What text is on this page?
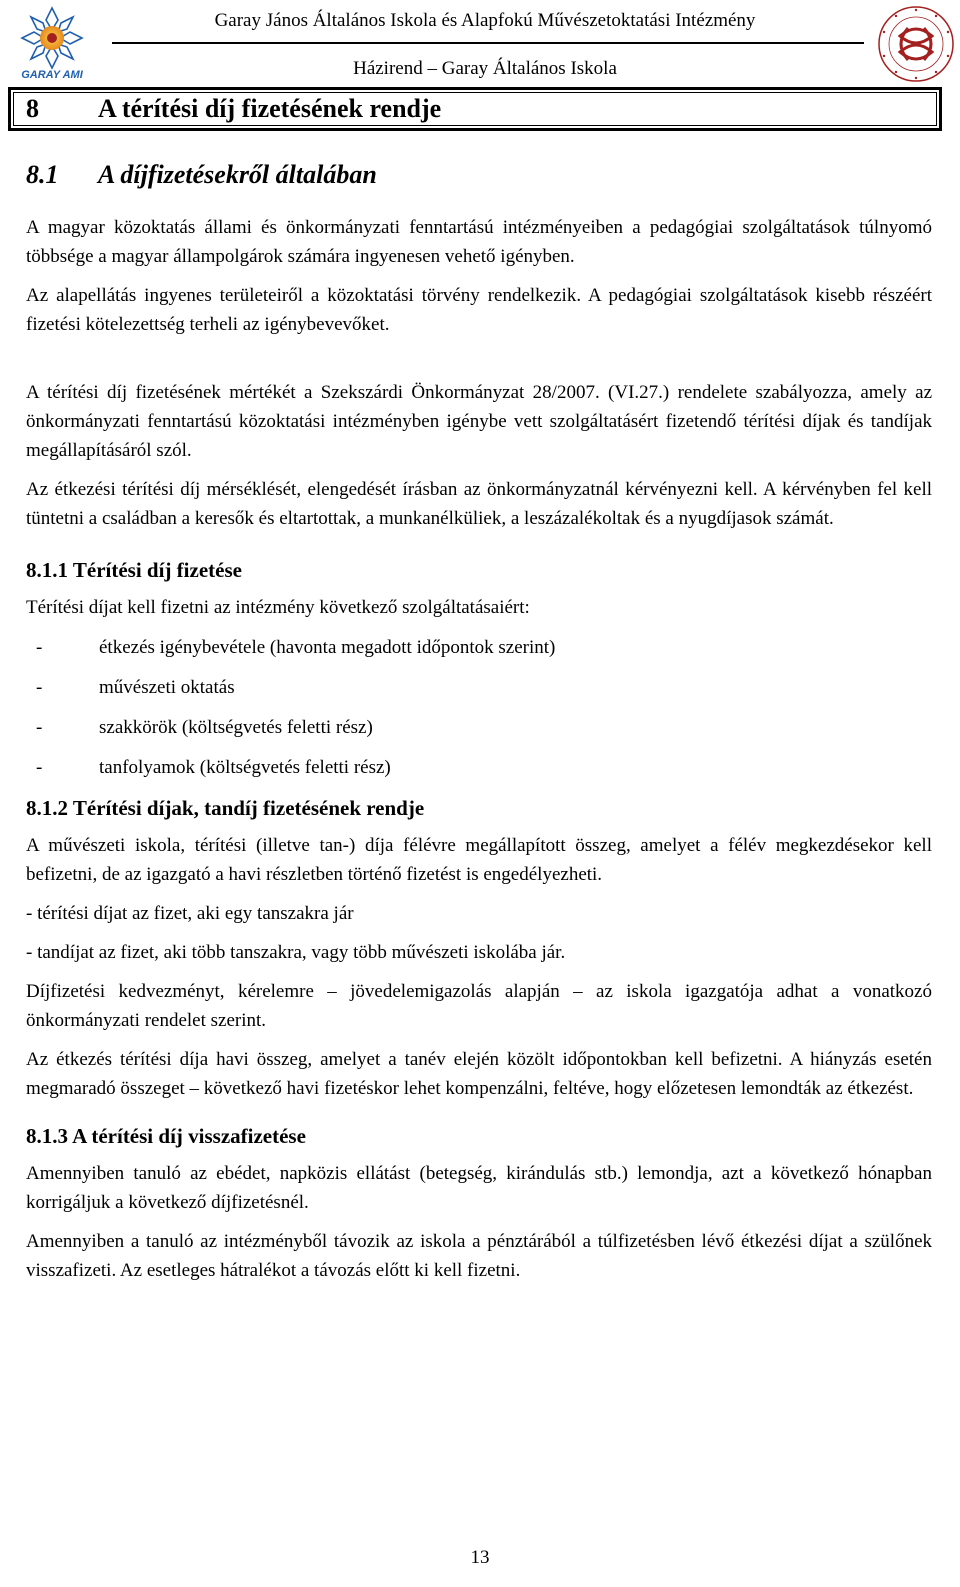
GARAY AMI
Garay János Általános Iskola és Alapfokú Művészetoktatási Intézmény
Házirend – Garay Általános Iskola
8 A térítési díj fizetésének rendje
8.1 A díjfizetésekről általában

A magyar közoktatás állami és önkormányzati fenntartású intézményeiben a pedagógiai szolgáltatások túlnyomó többsége a magyar állampolgárok számára ingyenesen vehető igényben.

Az alapellátás ingyenes területeiről a közoktatási törvény rendelkezik. A pedagógiai szolgáltatások kisebb részéért fizetési kötelezettség terheli az igénybevevőket.

A térítési díj fizetésének mértékét a Szekszárdi Önkormányzat 28/2007. (VI.27.) rendelete szabályozza, amely az önkormányzati fenntartású közoktatási intézményben igénybe vett szolgáltatásért fizetendő térítési díjak és tandíjak megállapításáról szól.

Az étkezési térítési díj mérséklését, elengedését írásban az önkormányzatnál kérvényezni kell. A kérvényben fel kell tüntetni a családban a keresők és eltartottak, a munkanélküliek, a leszázalékoltak és a nyugdíjasok számát.

8.1.1 Térítési díj fizetése

Térítési díjat kell fizetni az intézmény következő szolgáltatásaiért:

-	étkezés igénybevétele (havonta megadott időpontok szerint)
-	művészeti oktatás
-	szakkörök (költségvetés feletti rész)
-	tanfolyamok (költségvetés feletti rész)
8.1.2 Térítési díjak, tandíj fizetésének rendje

A művészeti iskola, térítési (illetve tan-) díja félévre megállapított összeg, amelyet a félév megkezdésekor kell befizetni, de az igazgató a havi részletben történő fizetést is engedélyezheti.

- térítési díjat az fizet, aki egy tanszakra jár

- tandíjat az fizet, aki több tanszakra, vagy több művészeti iskolába jár.

Díjfizetési kedvezményt, kérelemre – jövedelemigazolás alapján – az iskola igazgatója adhat a vonatkozó önkormányzati rendelet szerint.

Az étkezés térítési díja havi összeg, amelyet a tanév elején közölt időpontokban kell befizetni. A hiányzás esetén megmaradó összeget – következő havi fizetéskor lehet kompenzálni, feltéve, hogy előzetesen lemondták az étkezést.

8.1.3 A térítési díj visszafizetése

Amennyiben tanuló az ebédet, napközis ellátást (betegség, kirándulás stb.) lemondja, azt a következő hónapban korrigáljuk a következő díjfizetésnél.

Amennyiben a tanuló az intézményből távozik az iskola a pénztárából a túlfizetésben lévő étkezési díjat a szülőnek visszafizeti. Az esetleges hátralékot a távozás előtt ki kell fizetni.

13
